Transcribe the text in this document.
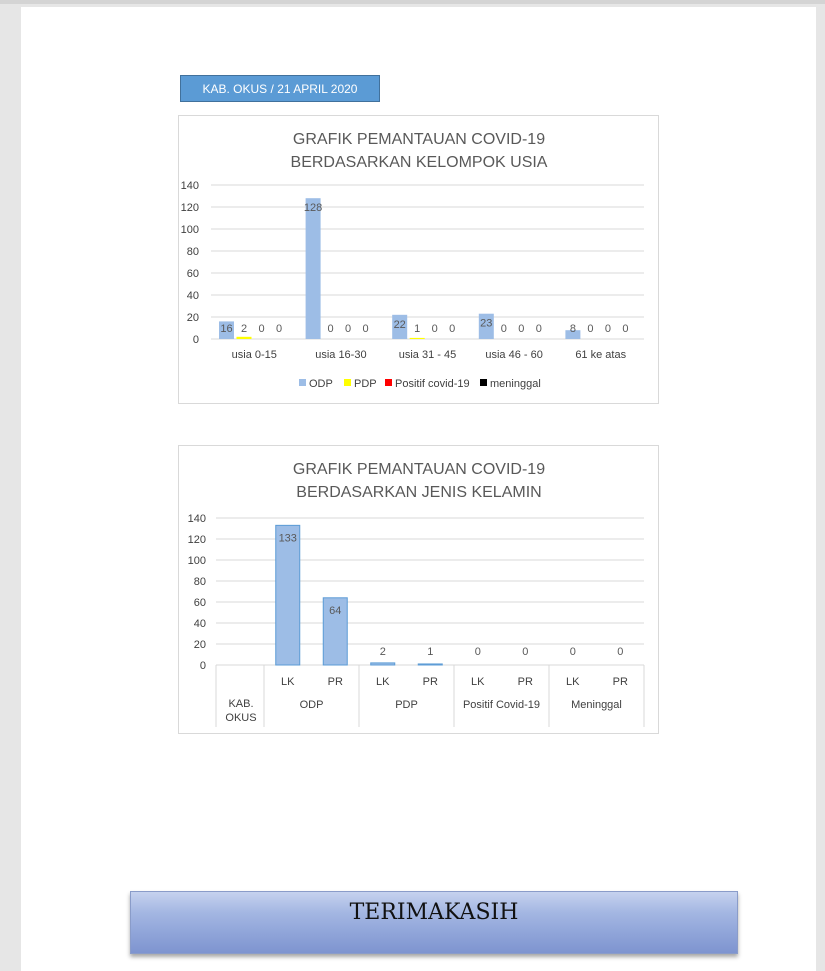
KAB. OKUS / 21 APRIL 2020
GRAFIK PEMANTAUAN COVID-19
BERDASARKAN KELOMPOK USIA
0
20
40
60
80
100
120
140
16 2 0 0
usia 0-15
128
0 0 0
usia 16-30
22 1 0 0
usia 31 - 45
23 0 0 0
usia 46 - 60
8 0 0 0
61 ke atas
ODP PDP Positif covid-19 meninggal
GRAFIK PEMANTAUAN COVID-19
BERDASARKAN JENIS KELAMIN
0
20
40
60
80
100
120
140
KAB.
OKUS
133
LK
64
PR
ODP
2
LK
1
PR
PDP
0
LK
0
PR
Positif Covid-19
0
LK
0
PR
Meninggal
TERIMAKASIH
